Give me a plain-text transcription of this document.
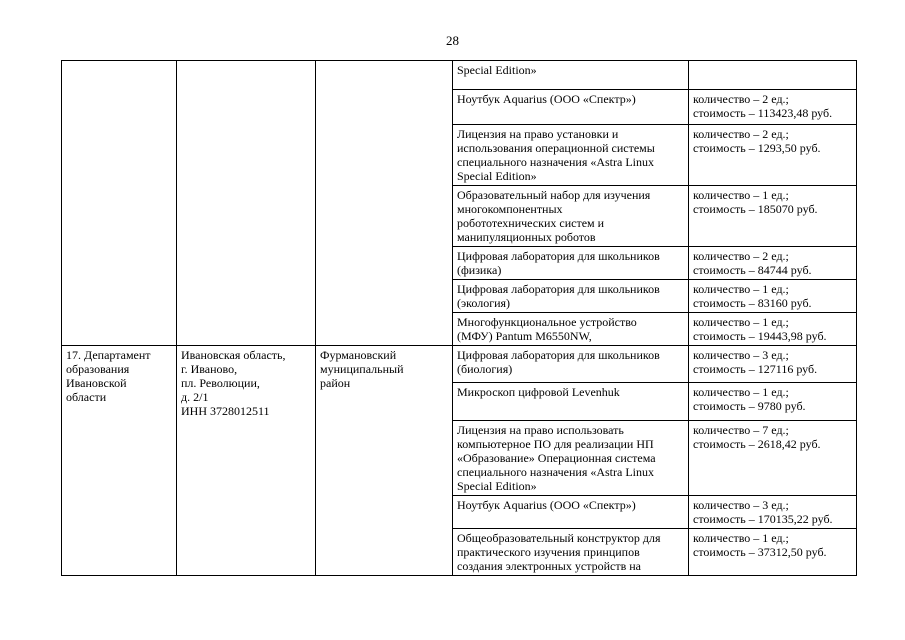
28
			Special Edition»	
			Ноутбук Aquarius (ООО «Спектр»)	количество – 2 ед.;
стоимость – 113423,48 руб.
			Лицензия на право установки и
использования операционной системы
специального назначения «Astra Linux
Special Edition»	количество – 2 ед.;
стоимость – 1293,50 руб.
			Образовательный набор для изучения
многокомпонентных
робототехнических систем и
манипуляционных роботов	количество – 1 ед.;
стоимость – 185070 руб.
			Цифровая лаборатория для школьников
(физика)	количество – 2 ед.;
стоимость – 84744 руб.
			Цифровая лаборатория для школьников
(экология)	количество – 1 ед.;
стоимость – 83160 руб.
			Многофункциональное устройство
(МФУ) Pantum M6550NW,	количество – 1 ед.;
стоимость – 19443,98 руб.
17. Департамент
образования
Ивановской
области	Ивановская область,
г. Иваново,
пл. Революции,
д. 2/1
ИНН 3728012511	Фурмановский
муниципальный
район	Цифровая лаборатория для школьников
(биология)	количество – 3 ед.;
стоимость – 127116 руб.
			Микроскоп цифровой Levenhuk	количество – 1 ед.;
стоимость – 9780 руб.
			Лицензия на право использовать
компьютерное ПО для реализации НП
«Образование» Операционная система
специального назначения «Astra Linux
Special Edition»	количество – 7 ед.;
стоимость – 2618,42 руб.
			Ноутбук Aquarius (ООО «Спектр»)	количество – 3 ед.;
стоимость – 170135,22 руб.
			Общеобразовательный конструктор для
практического изучения принципов
создания электронных устройств на	количество – 1 ед.;
стоимость – 37312,50 руб.
